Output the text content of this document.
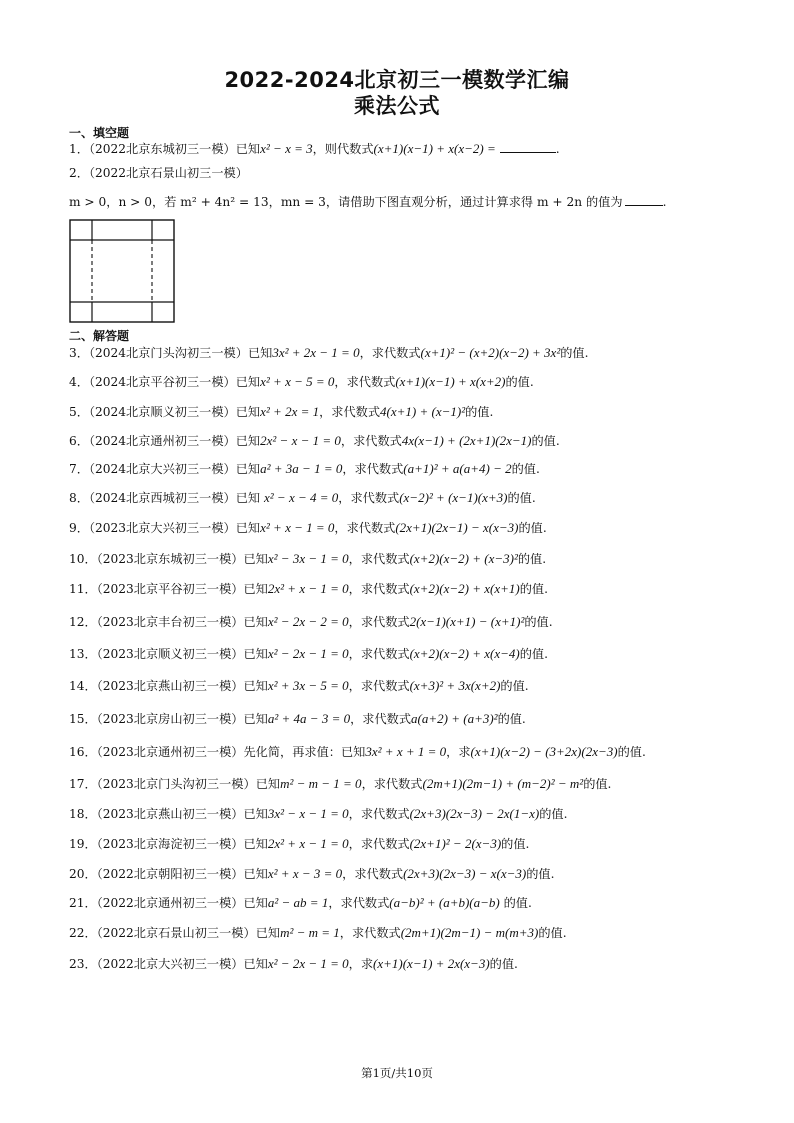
2022-2024北京初三一模数学汇编
乘法公式
一、填空题
1．（2022北京东城初三一模）已知x² − x = 3，则代数式(x+1)(x−1) + x(x−2) =	.
2．（2022北京石景山初三一模）
m > 0，n > 0，若 m² + 4n² = 13，mn = 3，请借助下图直观分析，通过计算求得 m + 2n 的值为	.
二、解答题
3．（2024北京门头沟初三一模）已知3x² + 2x − 1 = 0，求代数式(x+1)² − (x+2)(x−2) + 3x²的值.
4．（2024北京平谷初三一模）已知x² + x − 5 = 0，求代数式(x+1)(x−1) + x(x+2)的值.
5．（2024北京顺义初三一模）已知x² + 2x = 1，求代数式4(x+1) + (x−1)²的值.
6．（2024北京通州初三一模）已知2x² − x − 1 = 0，求代数式4x(x−1) + (2x+1)(2x−1)的值.
7．（2024北京大兴初三一模）已知a² + 3a − 1 = 0，求代数式(a+1)² + a(a+4) − 2的值.
8．（2024北京西城初三一模）已知 x² − x − 4 = 0，求代数式(x−2)² + (x−1)(x+3)的值.
9．（2023北京大兴初三一模）已知x² + x − 1 = 0，求代数式(2x+1)(2x−1) − x(x−3)的值.
10．（2023北京东城初三一模）已知x² − 3x − 1 = 0，求代数式(x+2)(x−2) + (x−3)²的值.
11．（2023北京平谷初三一模）已知2x² + x − 1 = 0，求代数式(x+2)(x−2) + x(x+1)的值.
12．（2023北京丰台初三一模）已知x² − 2x − 2 = 0，求代数式2(x−1)(x+1) − (x+1)²的值.
13．（2023北京顺义初三一模）已知x² − 2x − 1 = 0，求代数式(x+2)(x−2) + x(x−4)的值.
14．（2023北京燕山初三一模）已知x² + 3x − 5 = 0，求代数式(x+3)² + 3x(x+2)的值.
15．（2023北京房山初三一模）已知a² + 4a − 3 = 0，求代数式a(a+2) + (a+3)²的值.
16．（2023北京通州初三一模）先化简，再求值：已知3x² + x + 1 = 0，求(x+1)(x−2) − (3+2x)(2x−3)的值.
17．（2023北京门头沟初三一模）已知m² − m − 1 = 0，求代数式(2m+1)(2m−1) + (m−2)² − m²的值.
18．（2023北京燕山初三一模）已知3x² − x − 1 = 0，求代数式(2x+3)(2x−3) − 2x(1−x)的值.
19．（2023北京海淀初三一模）已知2x² + x − 1 = 0，求代数式(2x+1)² − 2(x−3)的值.
20．（2022北京朝阳初三一模）已知x² + x − 3 = 0，求代数式(2x+3)(2x−3) − x(x−3)的值.
21．（2022北京通州初三一模）已知a² − ab = 1，求代数式(a−b)² + (a+b)(a−b) 的值.
22．（2022北京石景山初三一模）已知m² − m = 1，求代数式(2m+1)(2m−1) − m(m+3)的值.
23．（2022北京大兴初三一模）已知x² − 2x − 1 = 0，求(x+1)(x−1) + 2x(x−3)的值.
第1页/共10页
